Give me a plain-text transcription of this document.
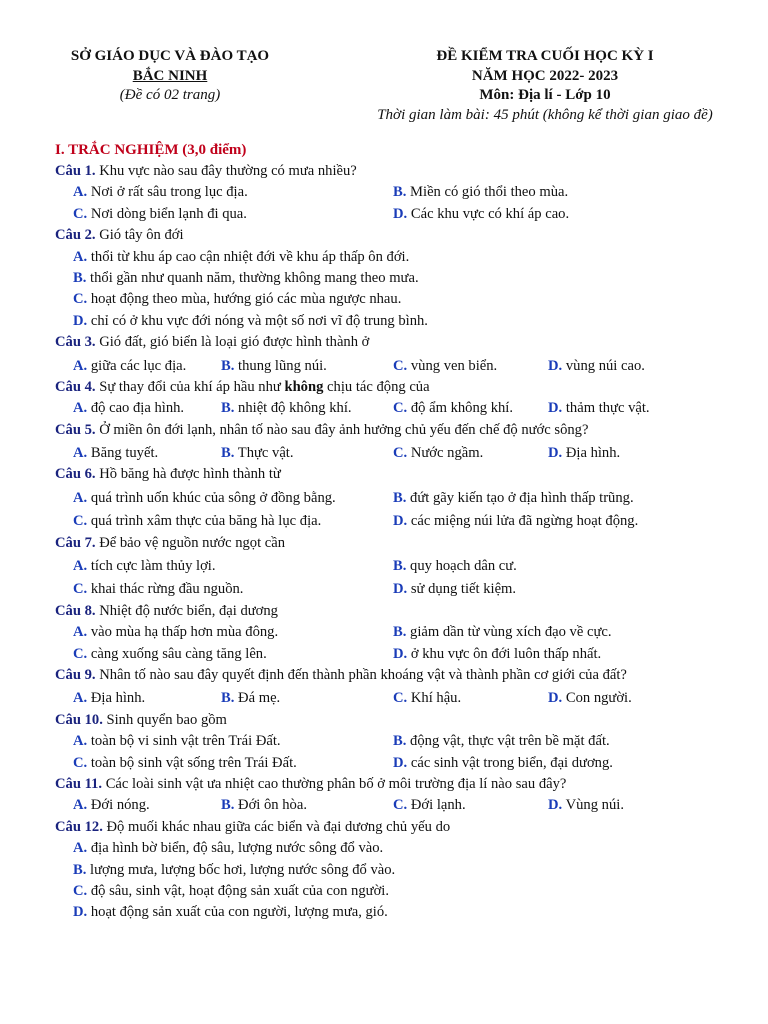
SỞ GIÁO DỤC VÀ ĐÀO TẠO
BẮC NINH
(Đề có 02 trang)
ĐỀ KIỂM TRA CUỐI HỌC KỲ I
NĂM HỌC 2022- 2023
Môn: Địa lí - Lớp 10
Thời gian làm bài: 45 phút (không kể thời gian giao đề)
I. TRẮC NGHIỆM (3,0 điểm)
Câu 1. Khu vực nào sau đây thường có mưa nhiều?
A. Nơi ở rất sâu trong lục địa.	B. Miền có gió thổi theo mùa.
C. Nơi dòng biển lạnh đi qua.	D. Các khu vực có khí áp cao.
Câu 2. Gió tây ôn đới
A. thổi từ khu áp cao cận nhiệt đới về khu áp thấp ôn đới.
B. thổi gần như quanh năm, thường không mang theo mưa.
C. hoạt động theo mùa, hướng gió các mùa ngược nhau.
D. chỉ có ở khu vực đới nóng và một số nơi vĩ độ trung bình.
Câu 3. Gió đất, gió biển là loại gió được hình thành ở
A. giữa các lục địa. B. thung lũng núi.	C. vùng ven biển.	D. vùng núi cao.
Câu 4. Sự thay đổi của khí áp hầu như không chịu tác động của
A. độ cao địa hình.	B. nhiệt độ không khí.	C. độ ẩm không khí. D. thảm thực vật.
Câu 5. Ở miền ôn đới lạnh, nhân tố nào sau đây ảnh hưởng chủ yếu đến chế độ nước sông?
A. Băng tuyết.	B. Thực vật.	C. Nước ngầm.	D. Địa hình.
Câu 6. Hồ băng hà được hình thành từ
A. quá trình uốn khúc của sông ở đồng bằng.	B. đứt gãy kiến tạo ở địa hình thấp trũng.
C. quá trình xâm thực của băng hà lục địa.	D. các miệng núi lửa đã ngừng hoạt động.
Câu 7. Để bảo vệ nguồn nước ngọt cần
A. tích cực làm thủy lợi.	B. quy hoạch dân cư.
C. khai thác rừng đầu nguồn.	D. sử dụng tiết kiệm.
Câu 8. Nhiệt độ nước biển, đại dương
A. vào mùa hạ thấp hơn mùa đông.	B. giảm dần từ vùng xích đạo về cực.
C. càng xuống sâu càng tăng lên.	D. ở khu vực ôn đới luôn thấp nhất.
Câu 9. Nhân tố nào sau đây quyết định đến thành phần khoáng vật và thành phần cơ giới của đất?
A. Địa hình.	B. Đá mẹ.	C. Khí hậu.	D. Con người.
Câu 10. Sinh quyển bao gồm
A. toàn bộ vi sinh vật trên Trái Đất.	B. động vật, thực vật trên bề mặt đất.
C. toàn bộ sinh vật sống trên Trái Đất.	D. các sinh vật trong biển, đại dương.
Câu 11. Các loài sinh vật ưa nhiệt cao thường phân bố ở môi trường địa lí nào sau đây?
A. Đới nóng.	B. Đới ôn hòa.	C. Đới lạnh.	D. Vùng núi.
Câu 12. Độ muối khác nhau giữa các biển và đại dương chủ yếu do
A. địa hình bờ biển, độ sâu, lượng nước sông đổ vào.
B. lượng mưa, lượng bốc hơi, lượng nước sông đổ vào.
C. độ sâu, sinh vật, hoạt động sản xuất của con người.
D. hoạt động sản xuất của con người, lượng mưa, gió.
